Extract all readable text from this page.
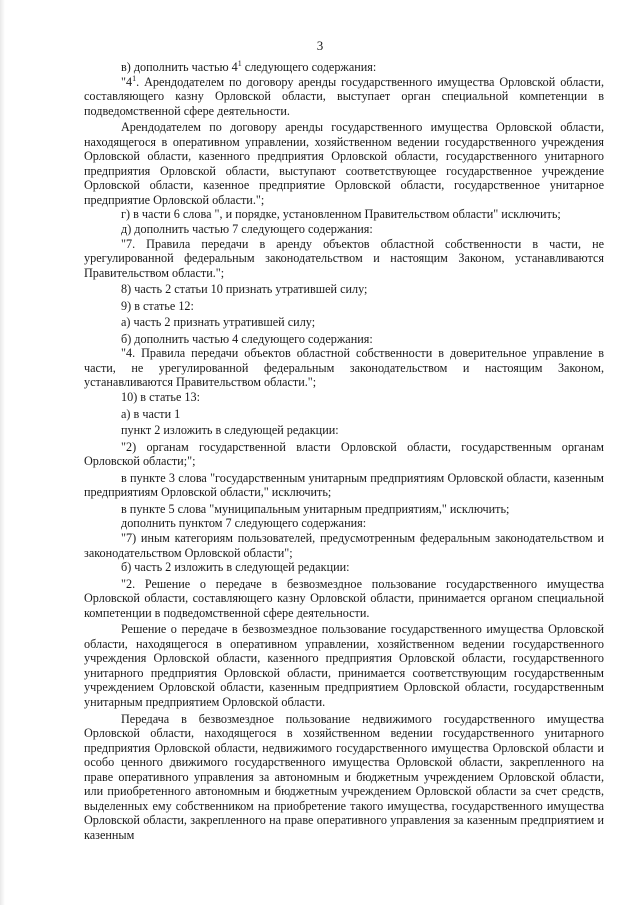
3

в) дополнить частью $4^1$ следующего содержания:

"$4^1$. Арендодателем по договору аренды государственного имущества Орловской области, составляющего казну Орловской области, выступает орган специальной компетенции в подведомственной сфере деятельности.

Арендодателем по договору аренды государственного имущества Орловской области, находящегося в оперативном управлении, хозяйственном ведении государственного учреждения Орловской области, казенного предприятия Орловской области, государственного унитарного предприятия Орловской области, выступают соответствующее государственное учреждение Орловской области, казенное предприятие Орловской области, государственное унитарное предприятие Орловской области.";

г) в части 6 слова ", и порядке, установленном Правительством области" исключить;

д) дополнить частью 7 следующего содержания:

"7. Правила передачи в аренду объектов областной собственности в части, не урегулированной федеральным законодательством и настоящим Законом, устанавливаются Правительством области.";

8) часть 2 статьи 10 признать утратившей силу;

9) в статье 12:

а) часть 2 признать утратившей силу;

б) дополнить частью 4 следующего содержания:

"4. Правила передачи объектов областной собственности в доверительное управление в части, не урегулированной федеральным законодательством и настоящим Законом, устанавливаются Правительством области.";

10) в статье 13:

а) в части 1

пункт 2 изложить в следующей редакции:

"2) органам государственной власти Орловской области, государственным органам Орловской области;";

в пункте 3 слова "государственным унитарным предприятиям Орловской области, казенным предприятиям Орловской области," исключить;

в пункте 5 слова "муниципальным унитарным предприятиям," исключить;

дополнить пунктом 7 следующего содержания:

"7) иным категориям пользователей, предусмотренным федеральным законодательством и законодательством Орловской области";

б) часть 2 изложить в следующей редакции:

"2. Решение о передаче в безвозмездное пользование государственного имущества Орловской области, составляющего казну Орловской области, принимается органом специальной компетенции в подведомственной сфере деятельности.

Решение о передаче в безвозмездное пользование государственного имущества Орловской области, находящегося в оперативном управлении, хозяйственном ведении государственного учреждения Орловской области, казенного предприятия Орловской области, государственного унитарного предприятия Орловской области, принимается соответствующим государственным учреждением Орловской области, казенным предприятием Орловской области, государственным унитарным предприятием Орловской области.

Передача в безвозмездное пользование недвижимого государственного имущества Орловской области, находящегося в хозяйственном ведении государственного унитарного предприятия Орловской области, недвижимого государственного имущества Орловской области и особо ценного движимого государственного имущества Орловской области, закрепленного на праве оперативного управления за автономным и бюджетным учреждением Орловской области, или приобретенного автономным и бюджетным учреждением Орловской области за счет средств, выделенных ему собственником на приобретение такого имущества, государственного имущества Орловской области, закрепленного на праве оперативного управления за казенным предприятием и казенным
